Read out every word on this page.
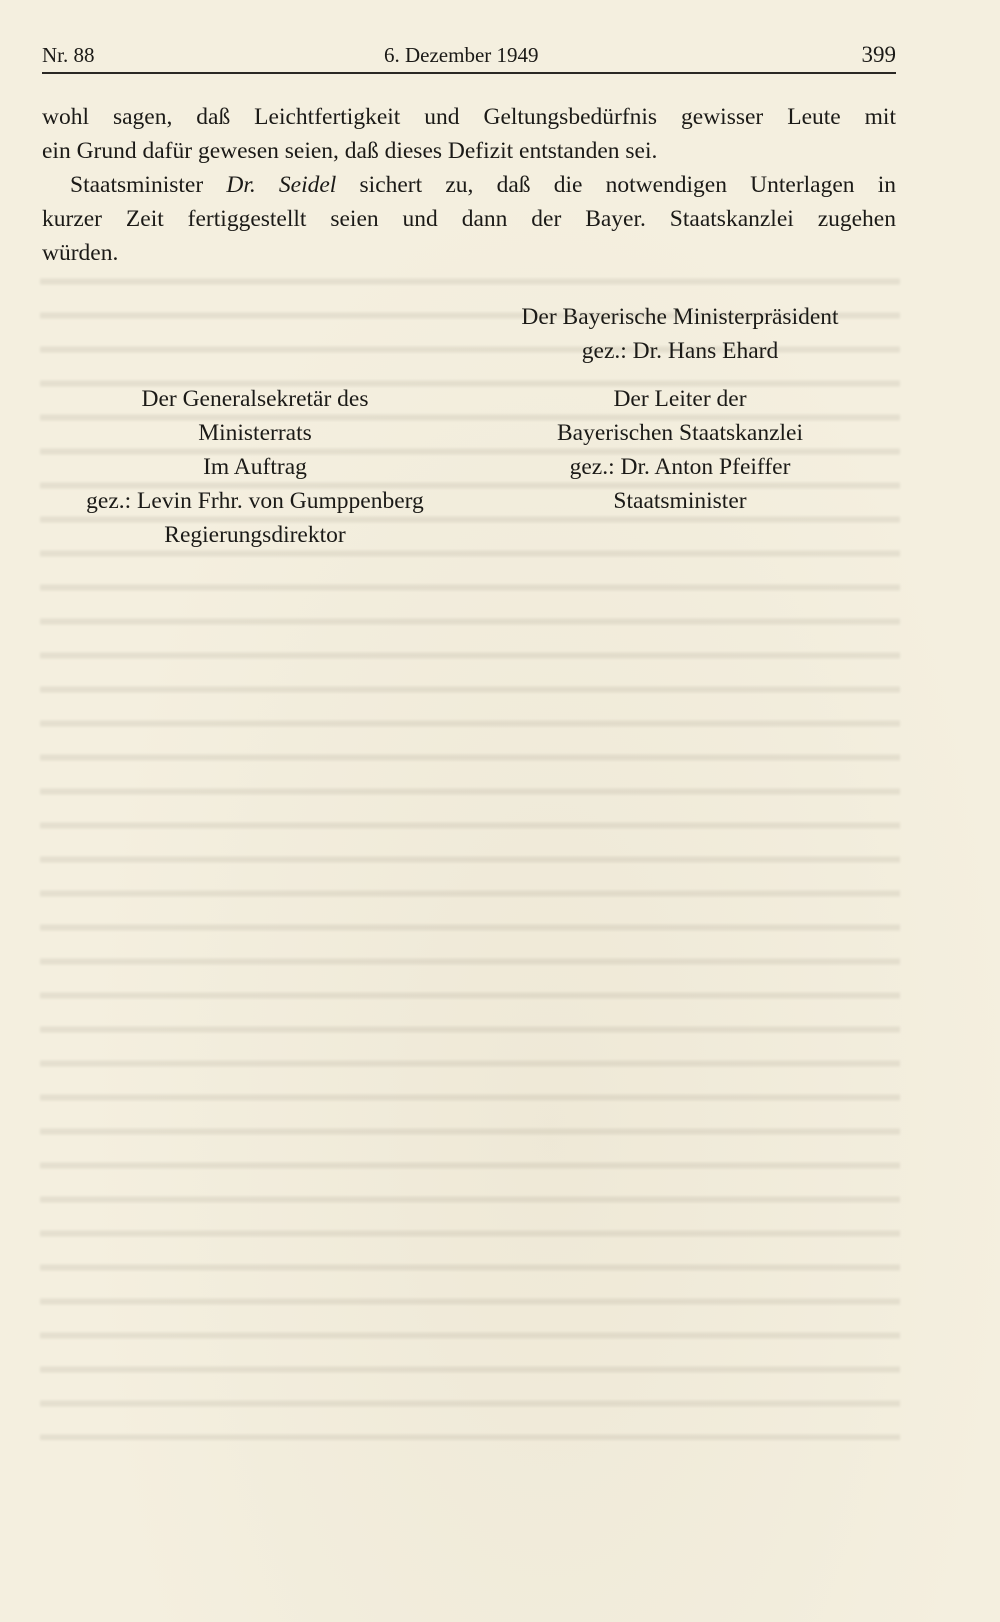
Nr. 88	6. Dezember 1949	399
wohl sagen, daß Leichtfertigkeit und Geltungsbedürfnis gewisser Leute mit
ein Grund dafür gewesen seien, daß dieses Defizit entstanden sei.
Staatsminister Dr. Seidel sichert zu, daß die notwendigen Unterlagen in
kurzer Zeit fertiggestellt seien und dann der Bayer. Staatskanzlei zugehen
würden.
Der Bayerische Ministerpräsident
gez.: Dr. Hans Ehard
Der Generalsekretär des
Ministerrats
Im Auftrag
gez.: Levin Frhr. von Gumppenberg
Regierungsdirektor
Der Leiter der
Bayerischen Staatskanzlei
gez.: Dr. Anton Pfeiffer
Staatsminister
